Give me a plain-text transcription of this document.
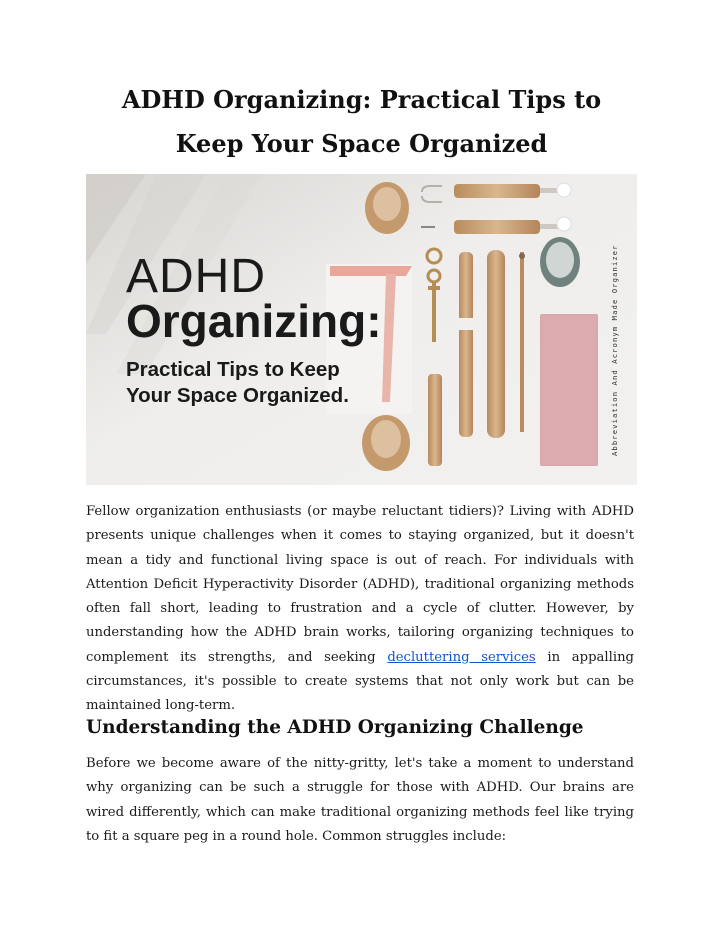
ADHD Organizing: Practical Tips to Keep Your Space Organized
ADHD
Organizing:
Practical Tips to Keep
Your Space Organized.	Abbreviation And Acronym Made Organizer

Fellow organization enthusiasts (or maybe reluctant tidiers)? Living with ADHD presents unique challenges when it comes to staying organized, but it doesn't mean a tidy and functional living space is out of reach. For individuals with Attention Deficit Hyperactivity Disorder (ADHD), traditional organizing methods often fall short, leading to frustration and a cycle of clutter. However, by understanding how the ADHD brain works, tailoring organizing techniques to complement its strengths, and seeking decluttering services in appalling circumstances, it's possible to create systems that not only work but can be maintained long-term.

Understanding the ADHD Organizing Challenge

Before we become aware of the nitty-gritty, let's take a moment to understand why organizing can be such a struggle for those with ADHD. Our brains are wired differently, which can make traditional organizing methods feel like trying to fit a square peg in a round hole. Common struggles include:
